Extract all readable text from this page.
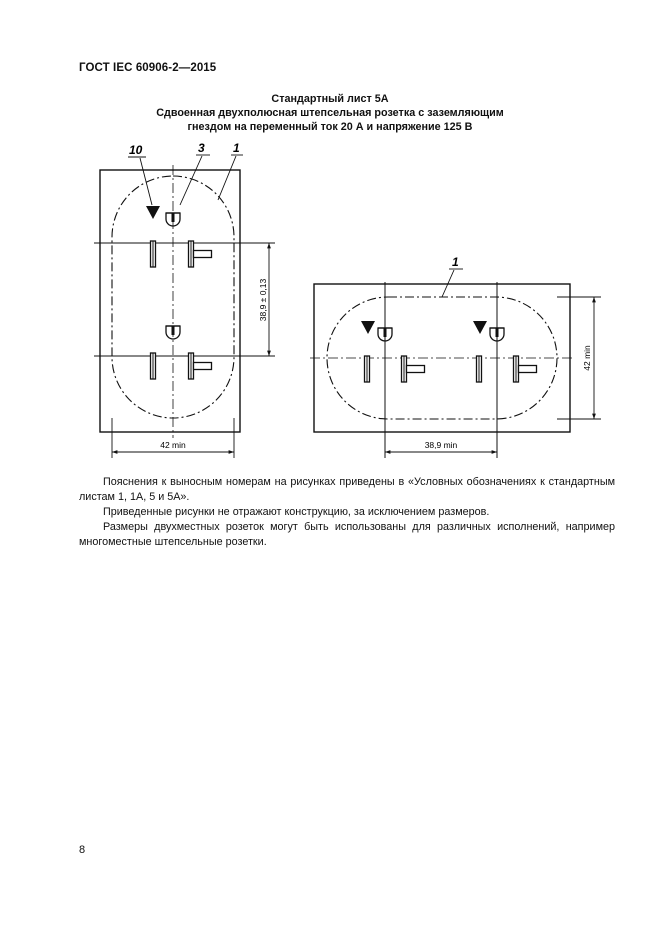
ГОСТ IEC 60906-2—2015
Стандартный лист 5А
Сдвоенная двухполюсная штепсельная розетка с заземляющим
гнездом на переменный ток 20 А и напряжение 125 В
10	3 1
38,9 ± 0,13
42 min
1
42 min
38,9 min

Пояснения к выносным номерам на рисунках приведены в «Условных обозначениях к стандартным листам 1, 1А, 5 и 5А».

Приведенные рисунки не отражают конструкцию, за исключением размеров.

Размеры двухместных розеток могут быть использованы для различных исполнений, например многоместные штепсельные розетки.

8
